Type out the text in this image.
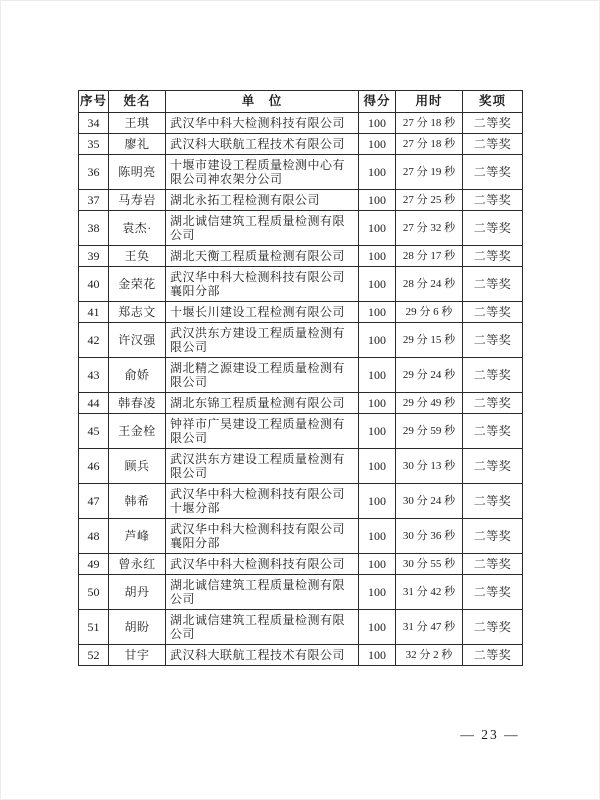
序号	姓名	单　位	得分	用时	奖项
34	王琪	武汉华中科大检测科技有限公司	100	27 分 18 秒	二等奖
35	廖礼	武汉科大联航工程技术有限公司	100	27 分 18 秒	二等奖
36	陈明亮	十堰市建设工程质量检测中心有限公司神农架分公司	100	27 分 19 秒	二等奖
37	马寿岩	湖北永拓工程检测有限公司	100	27 分 25 秒	二等奖
38	袁杰·	湖北诚信建筑工程质量检测有限公司	100	27 分 32 秒	二等奖
39	王奂	湖北天衡工程质量检测有限公司	100	28 分 17 秒	二等奖
40	金荣花	武汉华中科大检测科技有限公司襄阳分部	100	28 分 24 秒	二等奖
41	郑志文	十堰长川建设工程检测有限公司	100	29 分 6 秒	二等奖
42	许汉强	武汉洪东方建设工程质量检测有限公司	100	29 分 15 秒	二等奖
43	俞娇	湖北精之源建设工程质量检测有限公司	100	29 分 24 秒	二等奖
44	韩春凌	湖北东锦工程质量检测有限公司	100	29 分 49 秒	二等奖
45	王金栓	钟祥市广昊建设工程质量检测有限公司	100	29 分 59 秒	二等奖
46	顾兵	武汉洪东方建设工程质量检测有限公司	100	30 分 13 秒	二等奖
47	韩希	武汉华中科大检测科技有限公司十堰分部	100	30 分 24 秒	二等奖
48	芦峰	武汉华中科大检测科技有限公司襄阳分部	100	30 分 36 秒	二等奖
49	曾永红	武汉华中科大检测科技有限公司	100	30 分 55 秒	二等奖
50	胡丹	湖北诚信建筑工程质量检测有限公司	100	31 分 42 秒	二等奖
51	胡盼	湖北诚信建筑工程质量检测有限公司	100	31 分 47 秒	二等奖
52	甘宇	武汉科大联航工程技术有限公司	100	32 分 2 秒	二等奖
— 23 —
